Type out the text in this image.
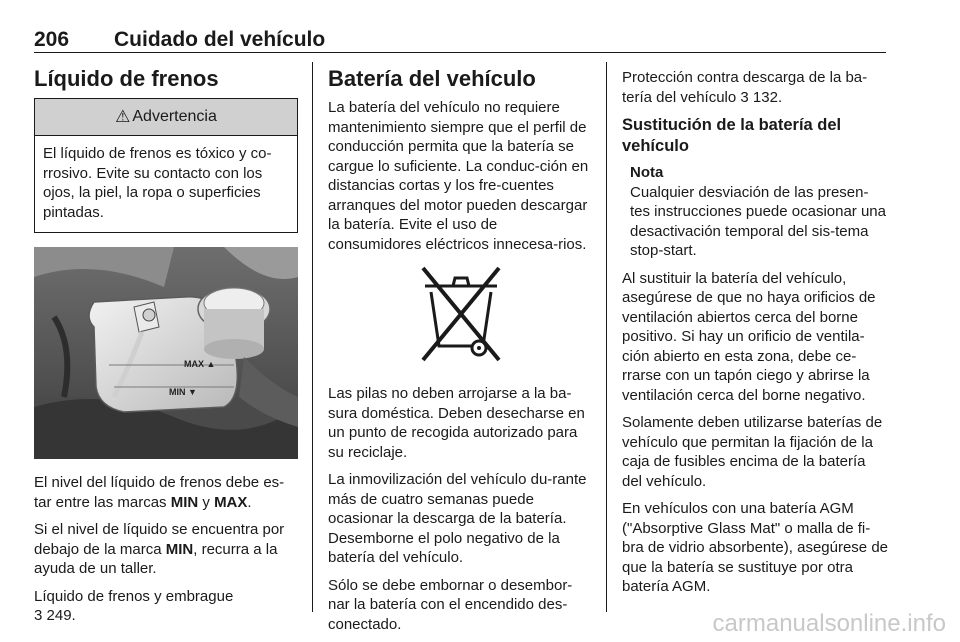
206 Cuidado del vehículo
Líquido de frenos
⚠ Advertencia
El líquido de frenos es tóxico y co-rrosivo. Evite su contacto con los ojos, la piel, la ropa o superficies pintadas.
MAX ▲
MIN ▼

El nivel del líquido de frenos debe es-tar entre las marcas MIN y MAX.

Si el nivel de líquido se encuentra por debajo de la marca MIN, recurra a la ayuda de un taller.

Líquido de frenos y embrague
3 249.

Batería del vehículo

La batería del vehículo no requiere mantenimiento siempre que el perfil de conducción permita que la batería se cargue lo suficiente. La conduc-ción en distancias cortas y los fre-cuentes arranques del motor pueden descargar la batería. Evite el uso de consumidores eléctricos innecesa-rios.

Las pilas no deben arrojarse a la ba-sura doméstica. Deben desecharse en un punto de recogida autorizado para su reciclaje.

La inmovilización del vehículo du-rante más de cuatro semanas puede ocasionar la descarga de la batería. Desemborne el polo negativo de la batería del vehículo.

Sólo se debe embornar o desembor-nar la batería con el encendido des-conectado.

Protección contra descarga de la ba-tería del vehículo 3 132.

Sustitución de la batería del vehículo
Nota

Cualquier desviación de las presen-tes instrucciones puede ocasionar una desactivación temporal del sis-tema stop-start.

Al sustituir la batería del vehículo, asegúrese de que no haya orificios de ventilación abiertos cerca del borne positivo. Si hay un orificio de ventila-ción abierto en esta zona, debe ce-rrarse con un tapón ciego y abrirse la ventilación cerca del borne negativo.

Solamente deben utilizarse baterías de vehículo que permitan la fijación de la caja de fusibles encima de la batería del vehículo.

En vehículos con una batería AGM ("Absorptive Glass Mat" o malla de fi-bra de vidrio absorbente), asegúrese de que la batería se sustituye por otra batería AGM.

carmanualsonline.info
